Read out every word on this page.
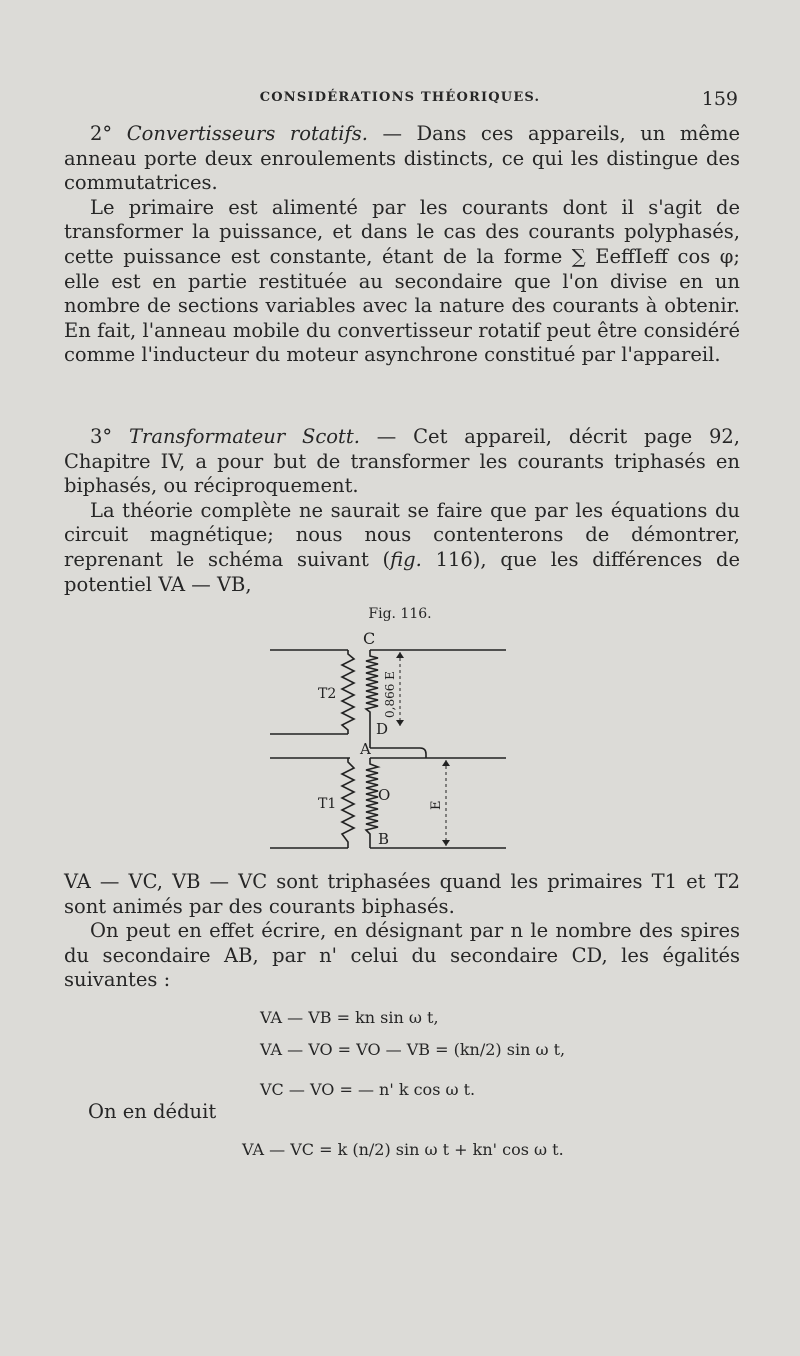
CONSIDÉRATIONS THÉORIQUES.	159

2° Convertisseurs rotatifs. — Dans ces appareils, un même anneau porte deux enroulements distincts, ce qui les distingue des commutatrices.

Le primaire est alimenté par les courants dont il s'agit de transformer la puissance, et dans le cas des courants polyphasés, cette puissance est constante, étant de la forme ∑ EeffIeff cos φ; elle est en partie restituée au secondaire que l'on divise en un nombre de sections variables avec la nature des courants à obtenir. En fait, l'anneau mobile du convertisseur rotatif peut être considéré comme l'inducteur du moteur asynchrone constitué par l'appareil.

3° Transformateur Scott. — Cet appareil, décrit page 92, Chapitre IV, a pour but de transformer les courants triphasés en biphasés, ou réciproquement.

La théorie complète ne saurait se faire que par les équations du circuit magnétique; nous nous contenterons de démontrer, reprenant le schéma suivant (fig. 116), que les différences de potentiel VA — VB,

Fig. 116.
C
D
A
O
B
T2
T1
0,866 E
E

VA — VC, VB — VC sont triphasées quand les primaires T1 et T2 sont animés par des courants biphasés.

On peut en effet écrire, en désignant par n le nombre des spires du secondaire AB, par n' celui du secondaire CD, les égalités suivantes :

VA — VB = kn sin ω t,
VA — VO = VO — VB = (kn/2) sin ω t,
VC — VO = — n' k cos ω t.
On en déduit
VA — VC = k (n/2) sin ω t + kn' cos ω t.
